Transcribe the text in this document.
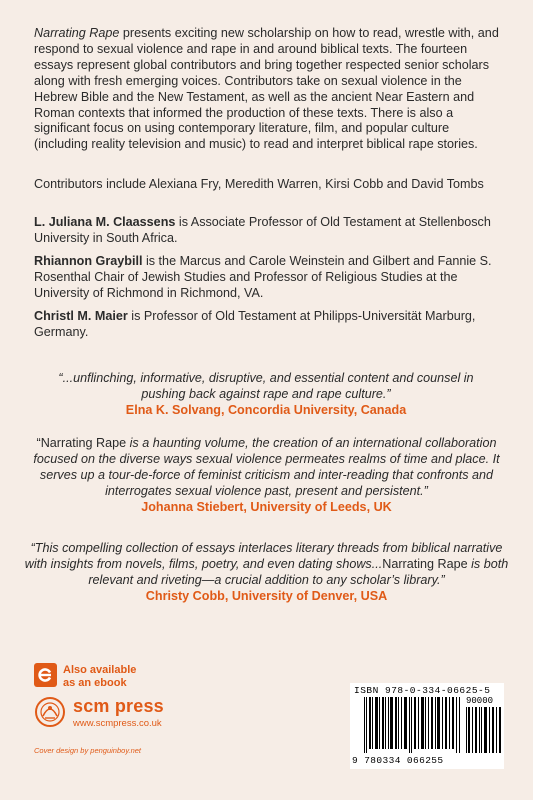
Narrating Rape presents exciting new scholarship on how to read, wrestle with, and respond to sexual violence and rape in and around biblical texts. The fourteen essays represent global contributors and bring together respected senior scholars along with fresh emerging voices. Contributors take on sexual violence in the Hebrew Bible and the New Testament, as well as the ancient Near Eastern and Roman contexts that informed the production of these texts. There is also a significant focus on using contemporary literature, film, and popular culture (including reality television and music) to read and interpret biblical rape stories.

Contributors include Alexiana Fry, Meredith Warren, Kirsi Cobb and David Tombs
L. Juliana M. Claassens is Associate Professor of Old Testament at Stellenbosch University in South Africa.
Rhiannon Graybill is the Marcus and Carole Weinstein and Gilbert and Fannie S. Rosenthal Chair of Jewish Studies and Professor of Religious Studies at the University of Richmond in Richmond, VA.
Christl M. Maier is Professor of Old Testament at Philipps-Universität Marburg, Germany.
“...unflinching, informative, disruptive, and essential content and counsel in pushing back against rape and rape culture.”
Elna K. Solvang, Concordia University, Canada
“Narrating Rape is a haunting volume, the creation of an international collaboration focused on the diverse ways sexual violence permeates realms of time and place. It serves up a tour-de-force of feminist criticism and inter-reading that confronts and interrogates sexual violence past, present and persistent.”
Johanna Stiebert, University of Leeds, UK
“This compelling collection of essays interlaces literary threads from biblical narrative with insights from novels, films, poetry, and even dating shows...Narrating Rape is both relevant and riveting—a crucial addition to any scholar’s library.”
Christy Cobb, University of Denver, USA
Also available
as an ebook
scm press
www.scmpress.co.uk
Cover design by penguinboy.net
ISBN 978-0-334-06625-5
90000
9 780334 066255
